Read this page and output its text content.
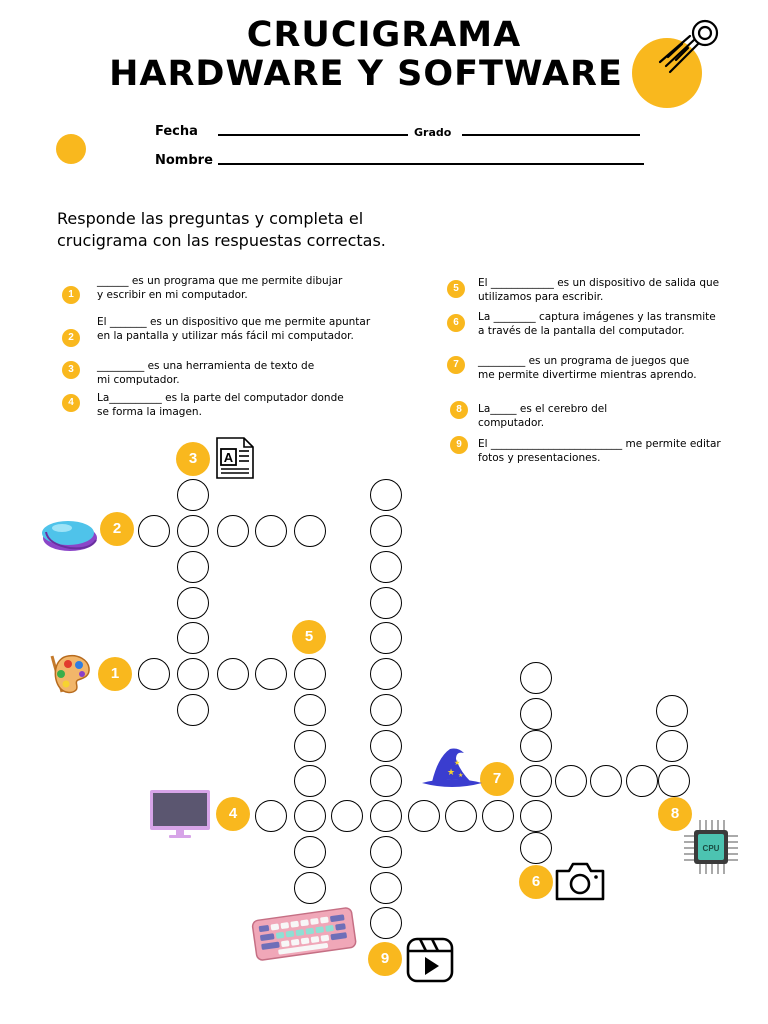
CRUCIGRAMA
HARDWARE Y SOFTWARE
Fecha	Grado
Nombre
Responde las preguntas y completa el crucigrama con las respuestas correctas.
1
______ es un programa que me permite dibujar y escribir en mi computador.
2
El _______ es un dispositivo que me permite apuntar en la pantalla y utilizar más fácil mi computador.
3	_________ es una herramienta de texto de mi computador.
4	La__________ es la parte del computador donde se forma la imagen.
5	El ____________ es un dispositivo de salida que utilizamos para escribir.
6	La ________ captura imágenes y las transmite a través de la pantalla del computador.
7	_________ es un programa de juegos que me permite divertirme mientras aprendo.
8	La_____ es el cerebro del computador.
9	El _________________________ me permite editar fotos y presentaciones.
1
2
3
4
5
6
7
8
9
A
★
★
★
CPU
